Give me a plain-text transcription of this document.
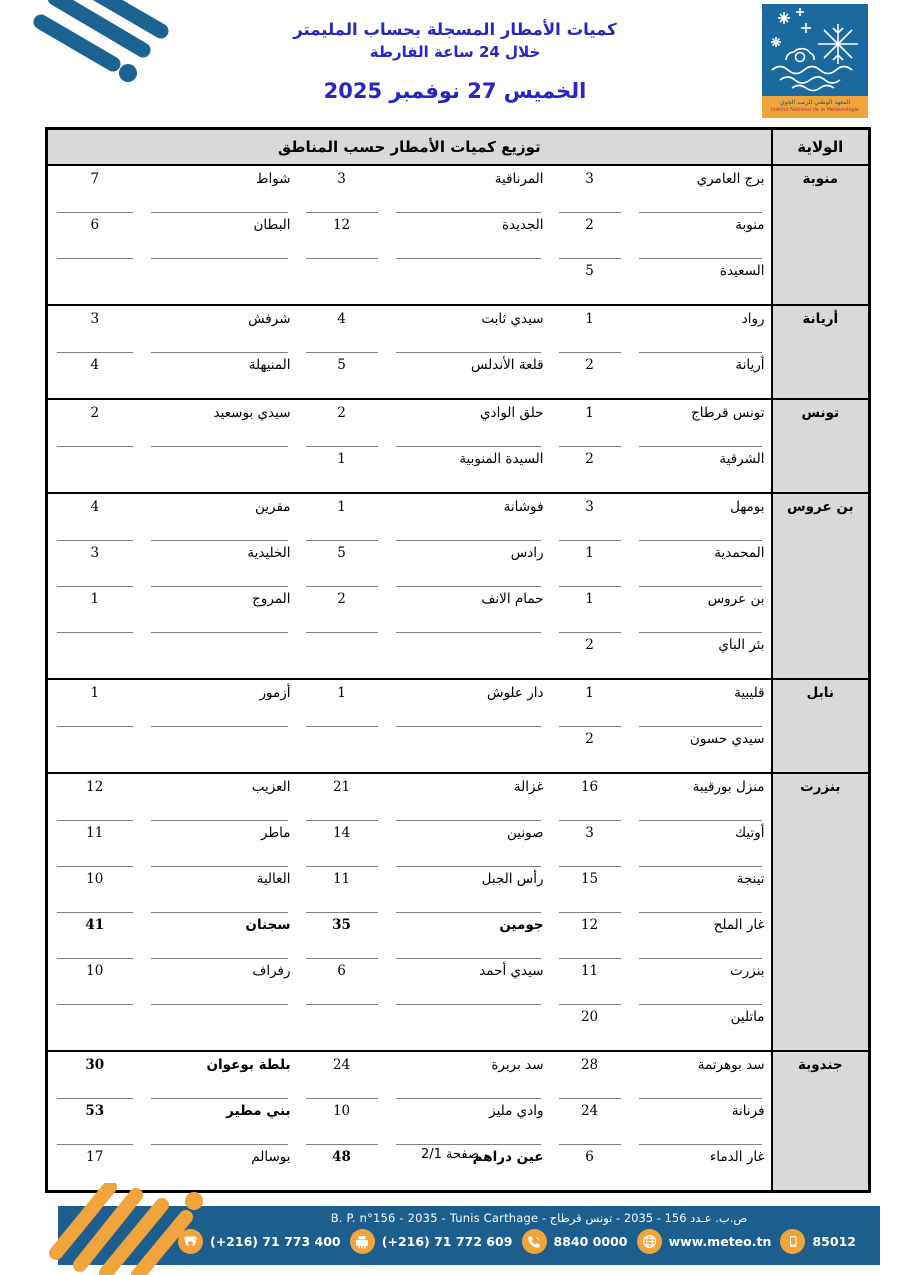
كميات الأمطار المسجلة بحساب المليمتر
خلال 24 ساعة الفارطة
الخميس 27 نوفمبر 2025	المعهد الوطني للرصد الجوي
Institut National de la Météorologie
الولاية	توزيع كميات الأمطار حسب المناطق					
منوبة	برج العامري	3	المرناقية	3	شواط	7
	منوبة	2	الجديدة	12	البطان	6
	السعيدة	5				
أريانة	رواد	1	سيدي ثابت	4	شرفش	3
	أريانة	2	قلعة الأندلس	5	المنيهلة	4
تونس	تونس قرطاج	1	حلق الوادي	2	سيدي بوسعيد	2
	الشرقية	2	السيدة المنوبية	1		
بن عروس	بومهل	3	فوشانة	1	مقرين	4
	المحمدية	1	رادس	5	الخليدية	3
	بن عروس	1	حمام الانف	2	المروج	1
	بئر الباي	2				
نابل	قليبية	1	دار علوش	1	أزمور	1
	سيدي حسون	2				
بنزرت	منزل بورقيبة	16	غزالة	21	العزيب	12
	أوتيك	3	صونين	14	ماطر	11
	تينجة	15	رأس الجبل	11	العالية	10
	غار الملح	12	جومين	35	سجنان	41
	بنزرت	11	سيدي أحمد	6	رفراف	10
	ماتلين	20				
جندوبة	سد بوهرتمة	28	سد بربرة	24	بلطة بوعوان	30
	فرنانة	24	وادي مليز	10	بني مطير	53
	غار الدماء	6	عين دراهم	48	بوسالم	17	صفحة 2/1
ص.ب. عـدد 156 - 2035 - تونس قرطاج - B. P. n°156 - 2035 - Tunis Carthage
(+216) 71 773 400	(+216) 71 772 609	8840 0000	www.meteo.tn	85012
